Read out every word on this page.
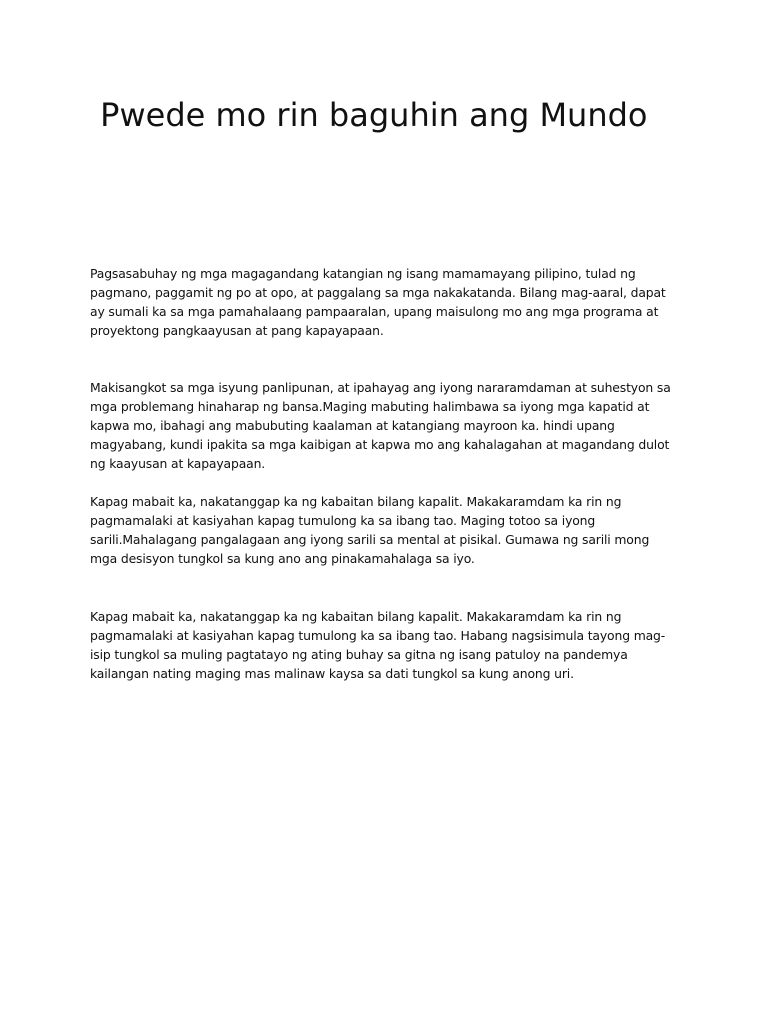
Pwede mo rin baguhin ang Mundo

Pagsasabuhay ng mga magagandang katangian ng isang mamamayang pilipino, tulad ng pagmano, paggamit ng po at opo, at paggalang sa mga nakakatanda. Bilang mag-aaral, dapat ay sumali ka sa mga pamahalaang pampaaralan, upang maisulong mo ang mga programa at proyektong pangkaayusan at pang kapayapaan.

Makisangkot sa mga isyung panlipunan, at ipahayag ang iyong nararamdaman at suhestyon sa mga problemang hinaharap ng bansa.Maging mabuting halimbawa sa iyong mga kapatid at kapwa mo, ibahagi ang mabubuting kaalaman at katangiang mayroon ka. hindi upang magyabang, kundi ipakita sa mga kaibigan at kapwa mo ang kahalagahan at magandang dulot ng kaayusan at kapayapaan.

Kapag mabait ka, nakatanggap ka ng kabaitan bilang kapalit. Makakaramdam ka rin ng pagmamalaki at kasiyahan kapag tumulong ka sa ibang tao. Maging totoo sa iyong sarili.Mahalagang pangalagaan ang iyong sarili sa mental at pisikal. Gumawa ng sarili mong mga desisyon tungkol sa kung ano ang pinakamahalaga sa iyo.

Kapag mabait ka, nakatanggap ka ng kabaitan bilang kapalit. Makakaramdam ka rin ng pagmamalaki at kasiyahan kapag tumulong ka sa ibang tao. Habang nagsisimula tayong mag-isip tungkol sa muling pagtatayo ng ating buhay sa gitna ng isang patuloy na pandemya kailangan nating maging mas malinaw kaysa sa dati tungkol sa kung anong uri.
